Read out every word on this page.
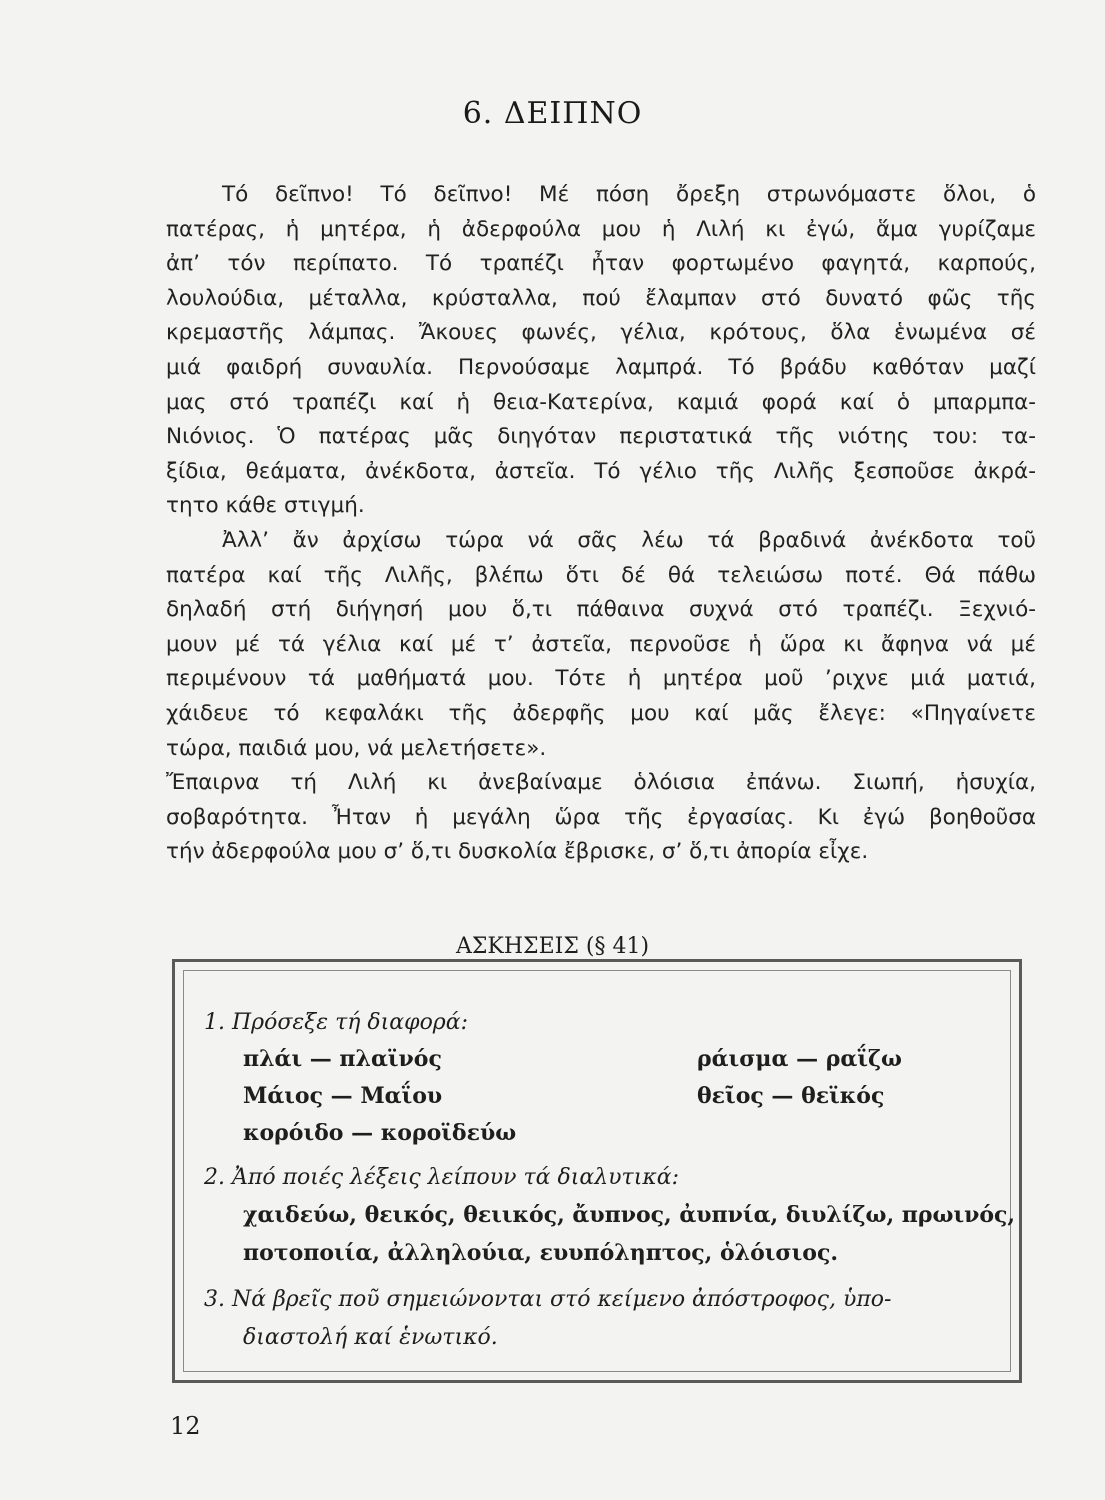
6. ΔΕΙΠΝΟ
Τό δεῖπνο! Τό δεῖπνο! Μέ πόση ὄρεξη στρωνόμαστε ὅλοι, ὁ
πατέρας, ἡ μητέρα, ἡ ἀδερφούλα μου ἡ Λιλή κι ἐγώ, ἅμα γυρίζαμε
ἀπ’ τόν περίπατο. Τό τραπέζι ἦταν φορτωμένο φαγητά, καρπούς,
λουλούδια, μέταλλα, κρύσταλλα, πού ἔλαμπαν στό δυνατό φῶς τῆς
κρεμαστῆς λάμπας. Ἄκουες φωνές, γέλια, κρότους, ὅλα ἑνωμένα σέ
μιά φαιδρή συναυλία. Περνούσαμε λαμπρά. Τό βράδυ καθόταν μαζί
μας στό τραπέζι καί ἡ θεια-Κατερίνα, καμιά φορά καί ὁ μπαρμπα-
Νιόνιος. Ὁ πατέρας μᾶς διηγόταν περιστατικά τῆς νιότης του: τα-
ξίδια, θεάματα, ἀνέκδοτα, ἀστεῖα. Τό γέλιο τῆς Λιλῆς ξεσποῦσε ἀκρά-
τητο κάθε στιγμή.
Ἀλλ’ ἄν ἀρχίσω τώρα νά σᾶς λέω τά βραδινά ἀνέκδοτα τοῦ
πατέρα καί τῆς Λιλῆς, βλέπω ὅτι δέ θά τελειώσω ποτέ. Θά πάθω
δηλαδή στή διήγησή μου ὅ,τι πάθαινα συχνά στό τραπέζι. Ξεχνιό-
μουν μέ τά γέλια καί μέ τ’ ἀστεῖα, περνοῦσε ἡ ὥρα κι ἄφηνα νά μέ
περιμένουν τά μαθήματά μου. Τότε ἡ μητέρα μοῦ ’ριχνε μιά ματιά,
χάιδευε τό κεφαλάκι τῆς ἀδερφῆς μου καί μᾶς ἔλεγε: «Πηγαίνετε
τώρα, παιδιά μου, νά μελετήσετε».
Ἔπαιρνα τή Λιλή κι ἀνεβαίναμε ὁλόισια ἐπάνω. Σιωπή, ἡσυχία,
σοβαρότητα. Ἦταν ἡ μεγάλη ὥρα τῆς ἐργασίας. Κι ἐγώ βοηθοῦσα
τήν ἀδερφούλα μου σ’ ὅ,τι δυσκολία ἔβρισκε, σ’ ὅ,τι ἀπορία εἶχε.
ΑΣΚΗΣΕΙΣ (§ 41)
1. Πρόσεξε τή διαφορά:
πλάι — πλαϊνός
Μάιος — Μαΐου
κορόιδο — κοροϊδεύω
ράισμα — ραΐζω
θεῖος — θεϊκός
2. Ἀπό ποιές λέξεις λείπουν τά διαλυτικά:
χαιδεύω, θεικός, θειικός, ἄυπνος, ἀυπνία, διυλίζω, πρωινός,
ποτοποιία, ἀλληλούια, ευυπόληπτος, ὁλόισιος.
3. Νά βρεῖς ποῦ σημειώνονται στό κείμενο ἀπόστροφος, ὑπο-
διαστολή καί ἑνωτικό.
12
